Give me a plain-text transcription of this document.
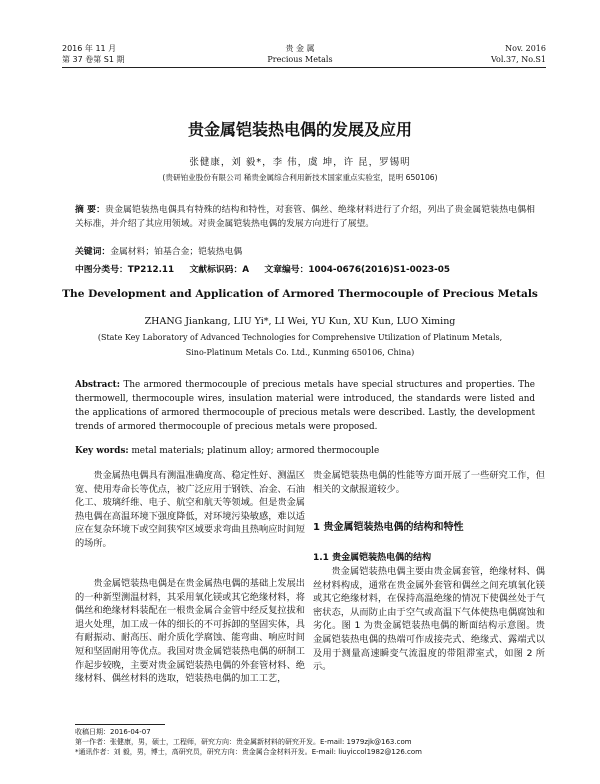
2016 年 11 月
第 37 卷第 S1 期
贵 金 属
Precious Metals
Nov. 2016
Vol.37, No.S1
贵金属铠装热电偶的发展及应用
张健康，刘 毅*，李 伟，虞 坤，许 昆，罗锡明
(贵研铂业股份有限公司 稀贵金属综合利用新技术国家重点实验室，昆明 650106)
摘 要：贵金属铠装热电偶具有特殊的结构和特性，对套管、偶丝、绝缘材料进行了介绍，列出了贵金属铠装热电偶相关标准，并介绍了其应用领域。对贵金属铠装热电偶的发展方向进行了展望。
关键词：金属材料；铂基合金；铠装热电偶
中图分类号：TP212.11     文献标识码：A     文章编号：1004-0676(2016)S1-0023-05
The Development and Application of Armored Thermocouple of Precious Metals
ZHANG Jiankang, LIU Yi*, LI Wei, YU Kun, XU Kun, LUO Ximing
(State Key Laboratory of Advanced Technologies for Comprehensive Utilization of Platinum Metals,
Sino-Platinum Metals Co. Ltd., Kunming 650106, China)
Abstract: The armored thermocouple of precious metals have special structures and properties. The thermowell, thermocouple wires, insulation material were introduced, the standards were listed and the applications of armored thermocouple of precious metals were described. Lastly, the development trends of armored thermocouple of precious metals were proposed.
Key words: metal materials; platinum alloy; armored thermocouple
贵金属热电偶具有测温准确度高、稳定性好、测温区宽、使用寿命长等优点，被广泛应用于钢铁、冶金、石油化工、玻璃纤维、电子、航空和航天等领域。但是贵金属热电偶在高温环境下强度降低，对环境污染敏感，难以适应在复杂环境下或空间狭窄区域要求弯曲且热响应时间短的场所。
贵金属铠装热电偶是在贵金属热电偶的基础上发展出的一种新型测温材料，其采用氧化镁或其它绝缘材料，将偶丝和绝缘材料装配在一根贵金属合金管中经反复拉拔和退火处理，加工成一体的细长的不可拆卸的坚固实体，具有耐振动、耐高压、耐介质化学腐蚀、能弯曲、响应时间短和坚固耐用等优点。我国对贵金属铠装热电偶的研制工作起步较晚，主要对贵金属铠装热电偶的外套管材料、绝缘材料、偶丝材料的选取，铠装热电偶的加工工艺，
贵金属铠装热电偶的性能等方面开展了一些研究工作，但相关的文献报道较少。
1 贵金属铠装热电偶的结构和特性
1.1 贵金属铠装热电偶的结构
贵金属铠装热电偶主要由贵金属套管，绝缘材料、偶丝材料构成，通常在贵金属外套管和偶丝之间充填氧化镁或其它绝缘材料，在保持高温绝缘的情况下使偶丝处于气密状态，从而防止由于空气或高温下气体使热电偶腐蚀和劣化。图 1 为贵金属铠装热电偶的断面结构示意图。贵金属铠装热电偶的热端可作成接壳式、绝缘式、露端式以及用于测量高速瞬变气流温度的带阻滞室式，如图 2 所示。
收稿日期：2016-04-07
第一作者：张健康，男，硕士，工程师，研究方向：贵金属新材料的研究开发。E-mail: 1979zjk@163.com
*通讯作者：刘 毅，男，博士，高研究员，研究方向：贵金属合金材料开发。E-mail: liuyiccol1982@126.com
